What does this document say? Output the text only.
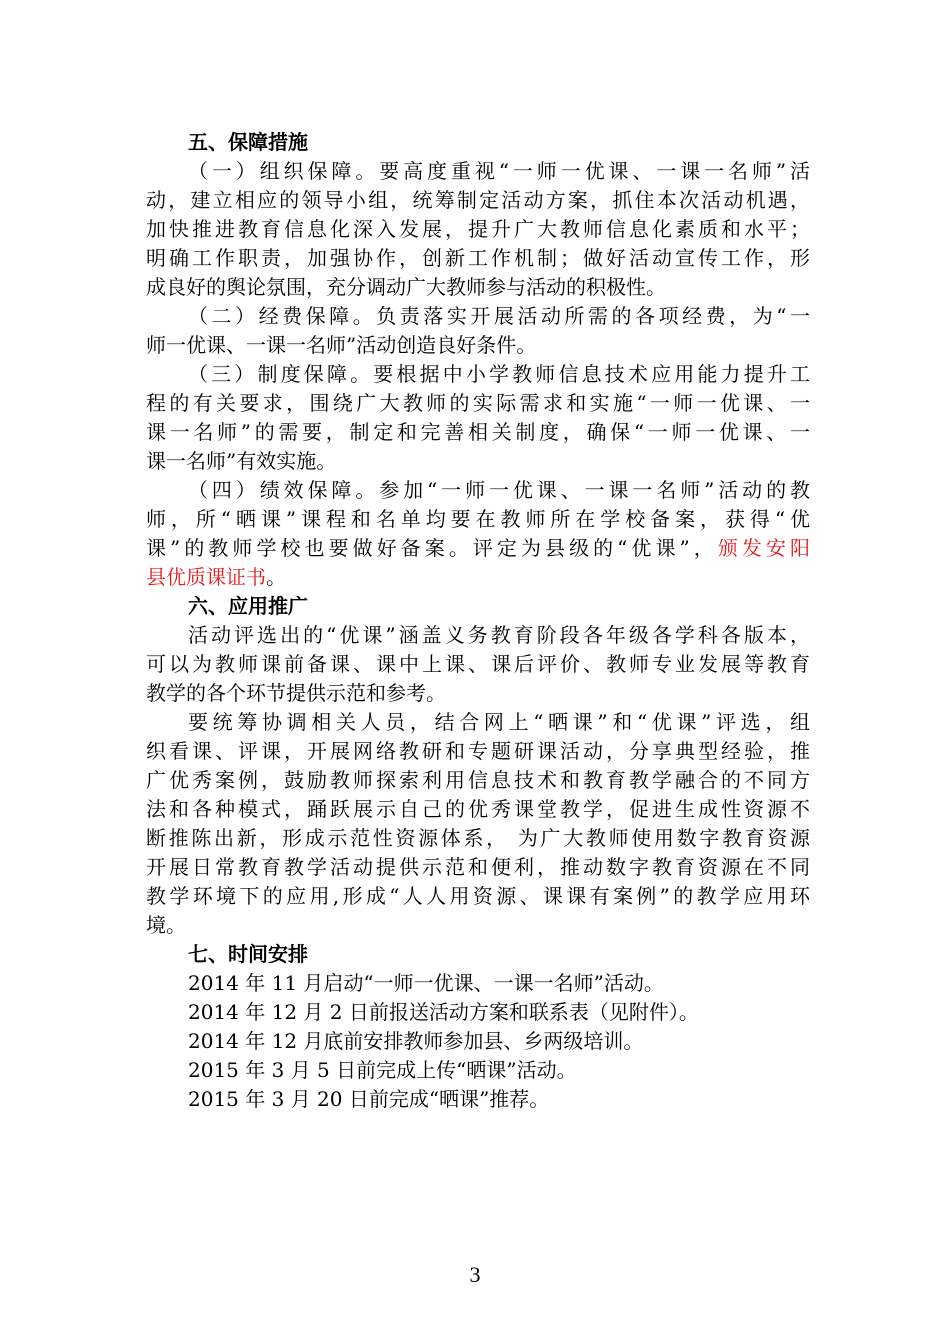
五、保障措施
（一）组织保障。要高度重视“一师一优课、一课一名师”活
动，建立相应的领导小组，统筹制定活动方案，抓住本次活动机遇，
加快推进教育信息化深入发展，提升广大教师信息化素质和水平；
明确工作职责，加强协作，创新工作机制；做好活动宣传工作，形
成良好的舆论氛围，充分调动广大教师参与活动的积极性。
（二）经费保障。负责落实开展活动所需的各项经费，为“一
师一优课、一课一名师”活动创造良好条件。
（三）制度保障。要根据中小学教师信息技术应用能力提升工
程的有关要求，围绕广大教师的实际需求和实施“一师一优课、一
课一名师”的需要，制定和完善相关制度，确保“一师一优课、一
课一名师”有效实施。
（四）绩效保障。参加“一师一优课、一课一名师”活动的教
师，所“晒课”课程和名单均要在教师所在学校备案，获得“优
课”的教师学校也要做好备案。评定为县级的“优课”，颁发安阳
县优质课证书。
六、应用推广
活动评选出的“优课”涵盖义务教育阶段各年级各学科各版本，
可以为教师课前备课、课中上课、课后评价、教师专业发展等教育
教学的各个环节提供示范和参考。
要统筹协调相关人员，结合网上“晒课”和“优课”评选，组
织看课、评课，开展网络教研和专题研课活动，分享典型经验，推
广优秀案例，鼓励教师探索利用信息技术和教育教学融合的不同方
法和各种模式，踊跃展示自己的优秀课堂教学，促进生成性资源不
断推陈出新，形成示范性资源体系， 为广大教师使用数字教育资源
开展日常教育教学活动提供示范和便利，推动数字教育资源在不同
教学环境下的应用,形成“人人用资源、课课有案例”的教学应用环
境。
七、时间安排
2014 年 11 月启动“一师一优课、一课一名师”活动。
2014 年 12 月 2 日前报送活动方案和联系表（见附件）。
2014 年 12 月底前安排教师参加县、乡两级培训。
2015 年 3 月 5 日前完成上传“晒课”活动。
2015 年 3 月 20 日前完成“晒课”推荐。
3
